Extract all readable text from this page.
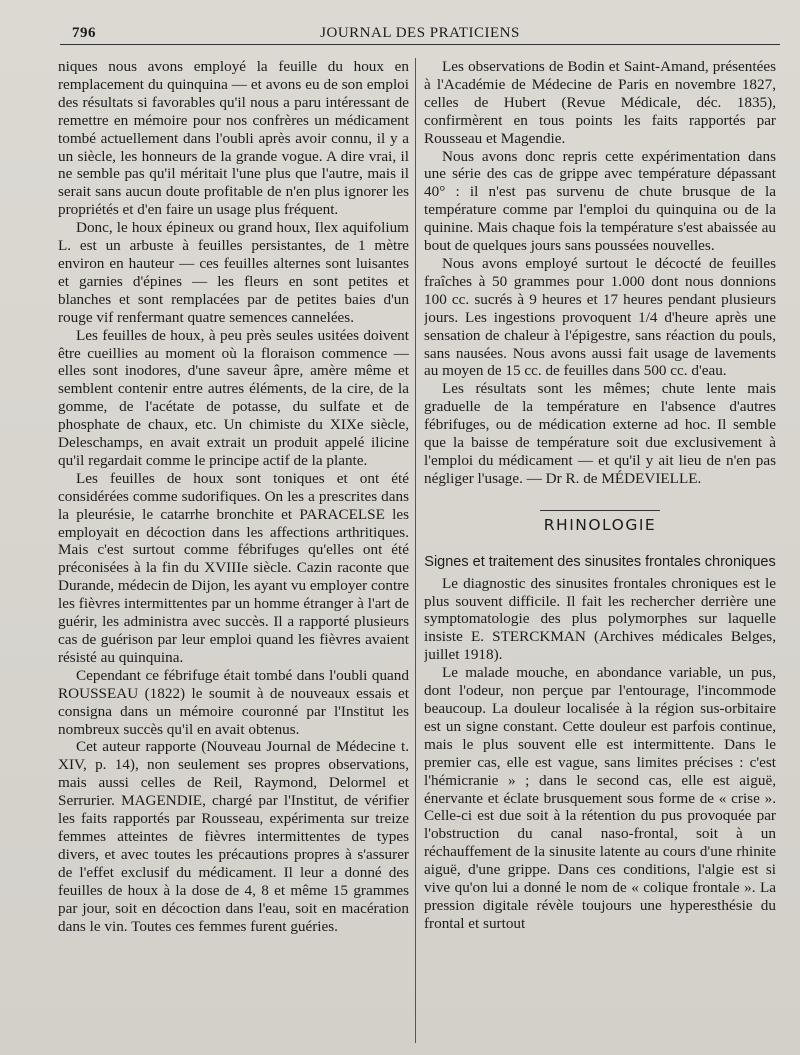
796	JOURNAL DES PRATICIENS

niques nous avons employé la feuille du houx en remplacement du quinquina — et avons eu de son emploi des résultats si favorables qu'il nous a paru intéressant de remettre en mémoire pour nos confrères un médicament tombé actuellement dans l'oubli après avoir connu, il y a un siècle, les honneurs de la grande vogue. A dire vrai, il ne semble pas qu'il méritait l'une plus que l'autre, mais il serait sans aucun doute profitable de n'en plus ignorer les propriétés et d'en faire un usage plus fréquent.

Donc, le houx épineux ou grand houx, Ilex aquifolium L. est un arbuste à feuilles persistantes, de 1 mètre environ en hauteur — ces feuilles alternes sont luisantes et garnies d'épines — les fleurs en sont petites et blanches et sont remplacées par de petites baies d'un rouge vif renfermant quatre semences cannelées.

Les feuilles de houx, à peu près seules usitées doivent être cueillies au moment où la floraison commence — elles sont inodores, d'une saveur âpre, amère même et semblent contenir entre autres éléments, de la cire, de la gomme, de l'acétate de potasse, du sulfate et de phosphate de chaux, etc. Un chimiste du XIXe siècle, Deleschamps, en avait extrait un produit appelé ilicine qu'il regardait comme le principe actif de la plante.

Les feuilles de houx sont toniques et ont été considérées comme sudorifiques. On les a prescrites dans la pleurésie, le catarrhe bronchite et PARACELSE les employait en décoction dans les affections arthritiques. Mais c'est surtout comme fébrifuges qu'elles ont été préconisées à la fin du XVIIIe siècle. Cazin raconte que Durande, médecin de Dijon, les ayant vu employer contre les fièvres intermittentes par un homme étranger à l'art de guérir, les administra avec succès. Il a rapporté plusieurs cas de guérison par leur emploi quand les fièvres avaient résisté au quinquina.

Cependant ce fébrifuge était tombé dans l'oubli quand ROUSSEAU (1822) le soumit à de nouveaux essais et consigna dans un mémoire couronné par l'Institut les nombreux succès qu'il en avait obtenus.

Cet auteur rapporte (Nouveau Journal de Médecine t. XIV, p. 14), non seulement ses propres observations, mais aussi celles de Reil, Raymond, Delormel et Serrurier. MAGENDIE, chargé par l'Institut, de vérifier les faits rapportés par Rousseau, expérimenta sur treize femmes atteintes de fièvres intermittentes de types divers, et avec toutes les précautions propres à s'assurer de l'effet exclusif du médicament. Il leur a donné des feuilles de houx à la dose de 4, 8 et même 15 grammes par jour, soit en décoction dans l'eau, soit en macération dans le vin. Toutes ces femmes furent guéries.

Les observations de Bodin et Saint-Amand, présentées à l'Académie de Médecine de Paris en novembre 1827, celles de Hubert (Revue Médicale, déc. 1835), confirmèrent en tous points les faits rapportés par Rousseau et Magendie.

Nous avons donc repris cette expérimentation dans une série des cas de grippe avec température dépassant 40° : il n'est pas survenu de chute brusque de la température comme par l'emploi du quinquina ou de la quinine. Mais chaque fois la température s'est abaissée au bout de quelques jours sans poussées nouvelles.

Nous avons employé surtout le décocté de feuilles fraîches à 50 grammes pour 1.000 dont nous donnions 100 cc. sucrés à 9 heures et 17 heures pendant plusieurs jours. Les ingestions provoquent 1/4 d'heure après une sensation de chaleur à l'épigestre, sans réaction du pouls, sans nausées. Nous avons aussi fait usage de lavements au moyen de 15 cc. de feuilles dans 500 cc. d'eau.

Les résultats sont les mêmes; chute lente mais graduelle de la température en l'absence d'autres fébrifuges, ou de médication externe ad hoc. Il semble que la baisse de température soit due exclusivement à l'emploi du médicament — et qu'il y ait lieu de n'en pas négliger l'usage. — Dr R. de MÉDEVIELLE.

RHINOLOGIE
Signes et traitement des sinusites frontales chroniques

Le diagnostic des sinusites frontales chroniques est le plus souvent difficile. Il fait les rechercher derrière une symptomatologie des plus polymorphes sur laquelle insiste E. STERCKMAN (Archives médicales Belges, juillet 1918).

Le malade mouche, en abondance variable, un pus, dont l'odeur, non perçue par l'entourage, l'incommode beaucoup. La douleur localisée à la région sus-orbitaire est un signe constant. Cette douleur est parfois continue, mais le plus souvent elle est intermittente. Dans le premier cas, elle est vague, sans limites précises : c'est l'hémicranie » ; dans le second cas, elle est aiguë, énervante et éclate brusquement sous forme de « crise ». Celle-ci est due soit à la rétention du pus provoquée par l'obstruction du canal naso-frontal, soit à un réchauffement de la sinusite latente au cours d'une rhinite aiguë, d'une grippe. Dans ces conditions, l'algie est si vive qu'on lui a donné le nom de « colique frontale ». La pression digitale révèle toujours une hyperesthésie du frontal et surtout
